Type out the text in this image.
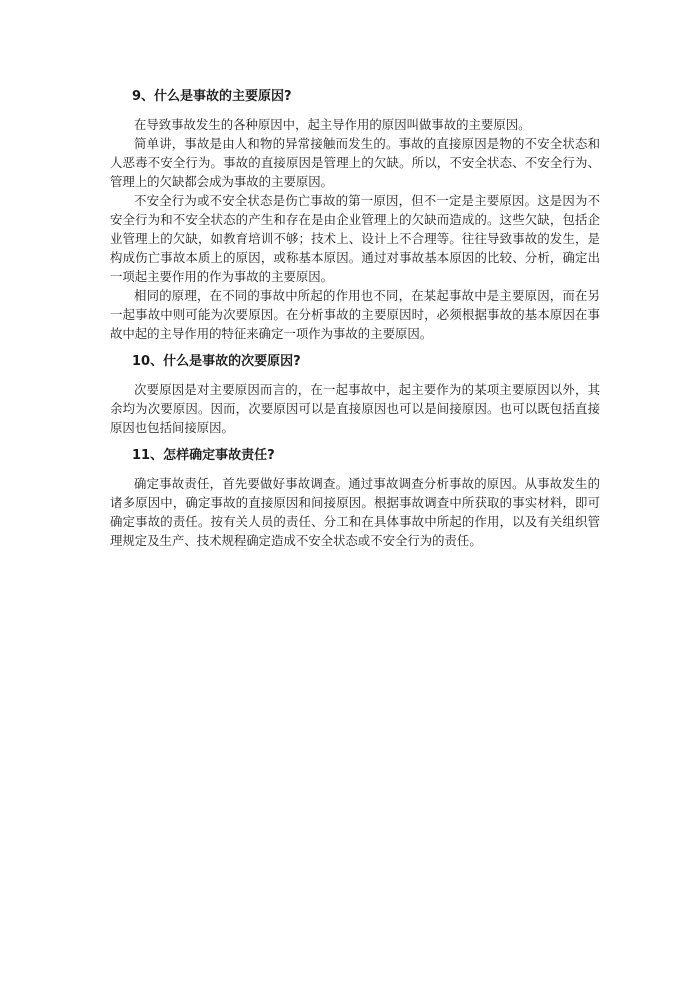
9、什么是事故的主要原因?

在导致事故发生的各种原因中，起主导作用的原因叫做事故的主要原因。

简单讲，事故是由人和物的异常接触而发生的。事故的直接原因是物的不安全状态和人恶毒不安全行为。事故的直接原因是管理上的欠缺。所以，不安全状态、不安全行为、管理上的欠缺都会成为事故的主要原因。

不安全行为或不安全状态是伤亡事故的第一原因，但不一定是主要原因。这是因为不安全行为和不安全状态的产生和存在是由企业管理上的欠缺而造成的。这些欠缺，包括企业管理上的欠缺，如教育培训不够；技术上、设计上不合理等。往往导致事故的发生，是构成伤亡事故本质上的原因，或称基本原因。通过对事故基本原因的比较、分析，确定出一项起主要作用的作为事故的主要原因。

相同的原理，在不同的事故中所起的作用也不同，在某起事故中是主要原因，而在另一起事故中则可能为次要原因。在分析事故的主要原因时，必须根据事故的基本原因在事故中起的主导作用的特征来确定一项作为事故的主要原因。

10、什么是事故的次要原因?

次要原因是对主要原因而言的，在一起事故中，起主要作为的某项主要原因以外，其余均为次要原因。因而，次要原因可以是直接原因也可以是间接原因。也可以既包括直接原因也包括间接原因。

11、怎样确定事故责任?

确定事故责任，首先要做好事故调查。通过事故调查分析事故的原因。从事故发生的诸多原因中，确定事故的直接原因和间接原因。根据事故调查中所获取的事实材料，即可确定事故的责任。按有关人员的责任、分工和在具体事故中所起的作用，以及有关组织管理规定及生产、技术规程确定造成不安全状态或不安全行为的责任。
